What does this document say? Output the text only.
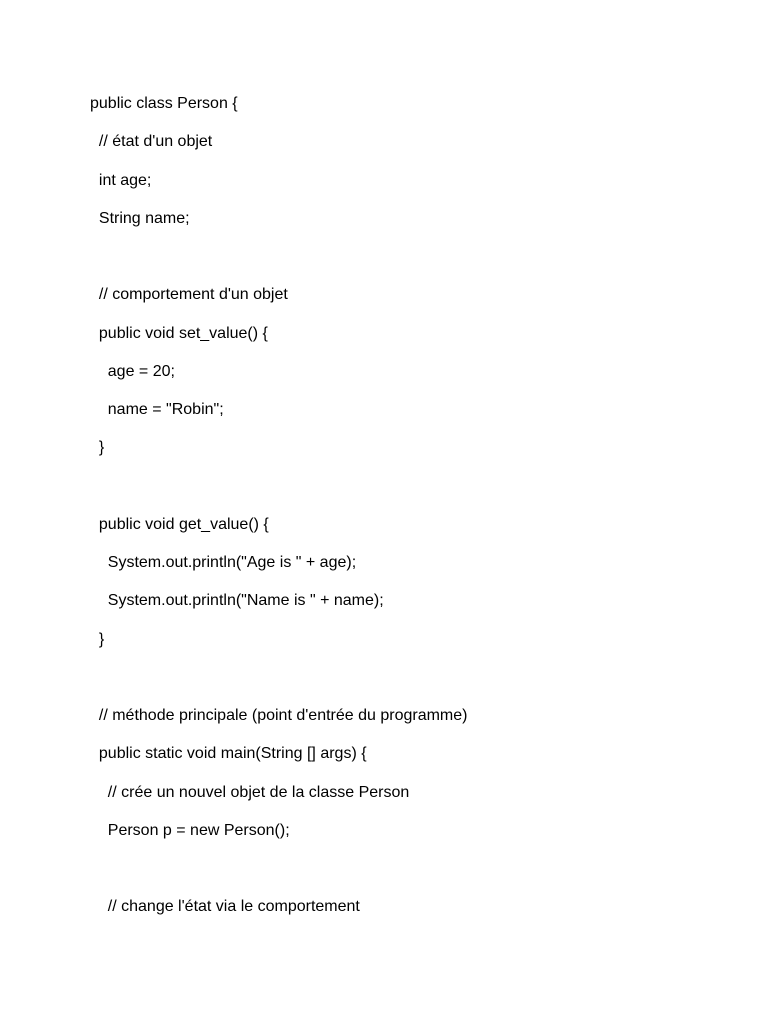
public class Person {
// état d'un objet
int age;
String name;
// comportement d'un objet
public void set_value() {
age = 20;
name = "Robin";
}
public void get_value() {
System.out.println("Age is " + age);
System.out.println("Name is " + name);
}
// méthode principale (point d'entrée du programme)
public static void main(String [] args) {
// crée un nouvel objet de la classe Person
Person p = new Person();
// change l'état via le comportement
